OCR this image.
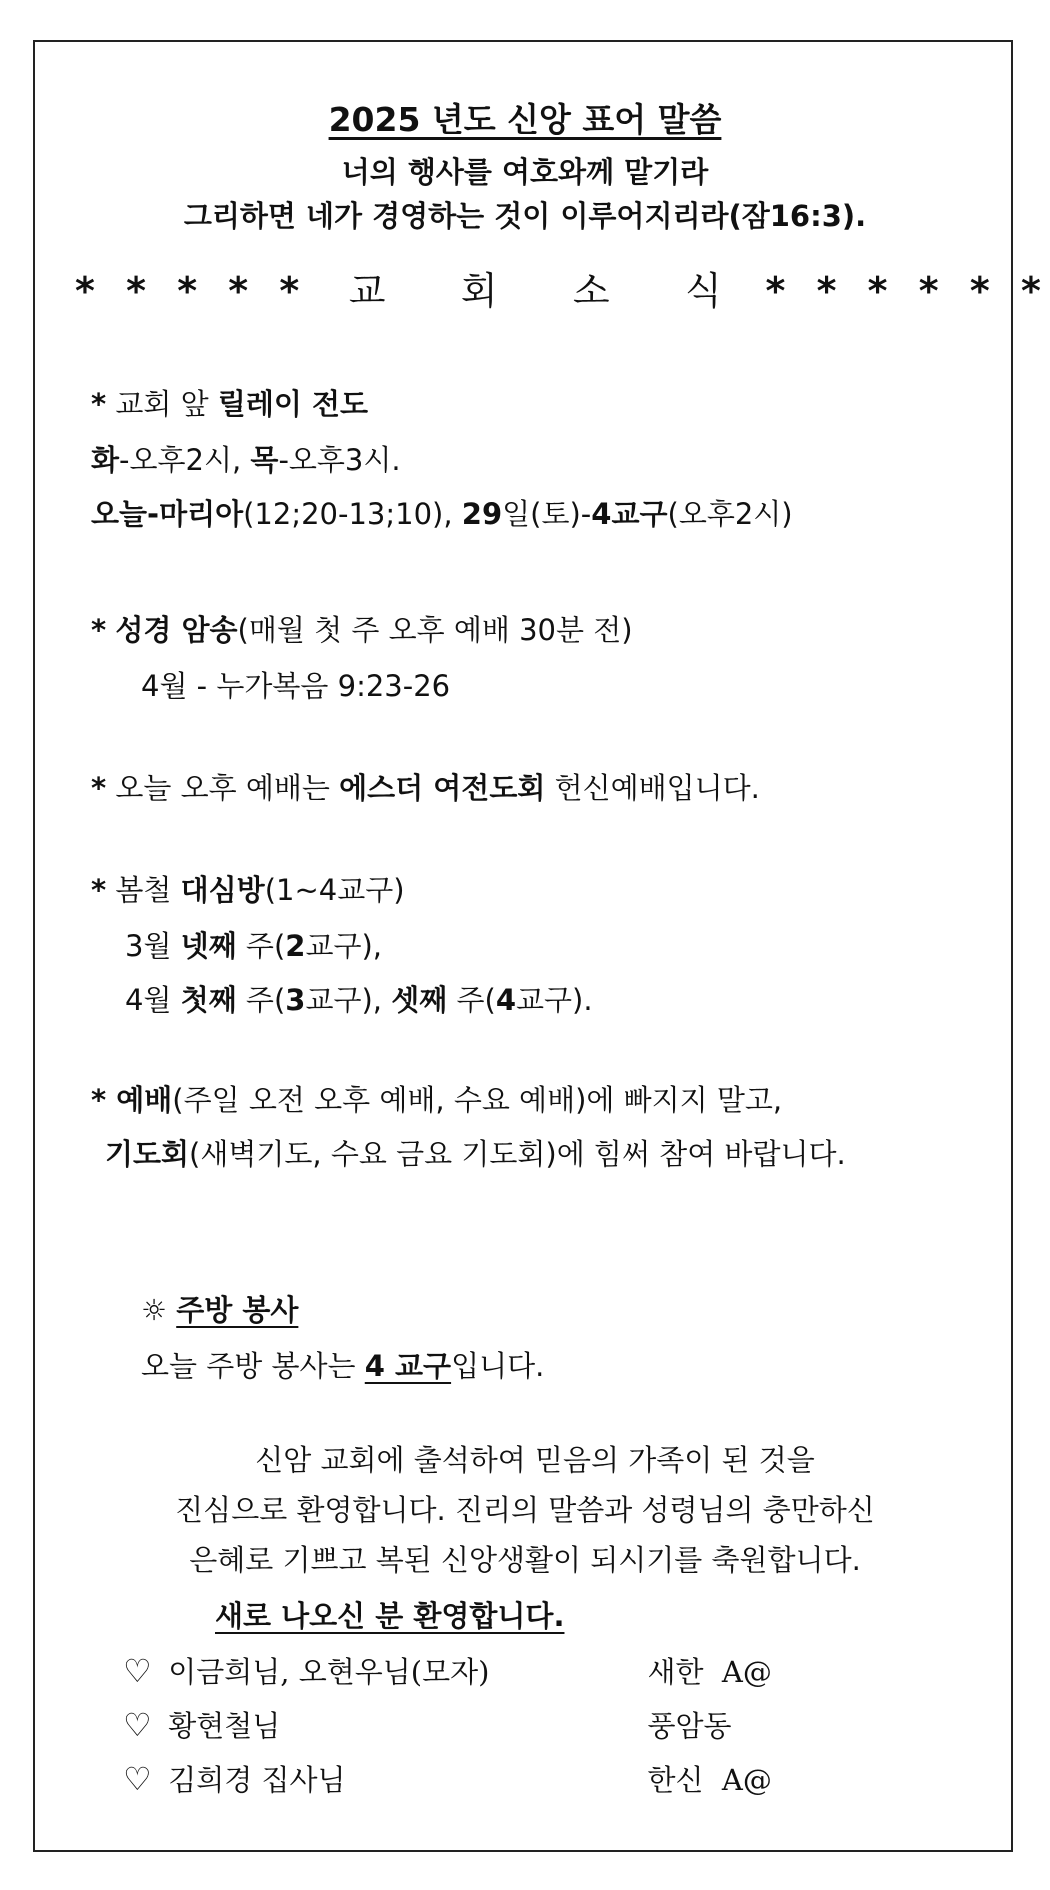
2025 년도 신앙 표어 말씀
너의 행사를 여호와께 맡기라
그리하면 네가 경영하는 것이 이루어지리라(잠16:3).
* * * * * 교 회 소 식 * * * * * *
* 교회 앞 릴레이 전도
화-오후2시, 목-오후3시.
오늘-마리아(12;20-13;10), 29일(토)-4교구(오후2시)
* 성경 암송(매월 첫 주 오후 예배 30분 전)
4월 - 누가복음 9:23-26
* 오늘 오후 예배는 에스더 여전도회 헌신예배입니다.
* 봄철 대심방(1~4교구)
3월 넷째 주(2교구),
4월 첫째 주(3교구), 셋째 주(4교구).
* 예배(주일 오전 오후 예배, 수요 예배)에 빠지지 말고,
기도회(새벽기도, 수요 금요 기도회)에 힘써 참여 바랍니다.
☼ 주방 봉사
오늘 주방 봉사는 4 교구입니다.
신암 교회에 출석하여 믿음의 가족이 된 것을
진심으로 환영합니다. 진리의 말씀과 성령님의 충만하신
은혜로 기쁘고 복된 신앙생활이 되시기를 축원합니다.
새로 나오신 분 환영합니다.
♡ 이금희님, 오현우님(모자)	새한  A@
♡ 황현철님	풍암동
♡ 김희경 집사님	한신  A@
